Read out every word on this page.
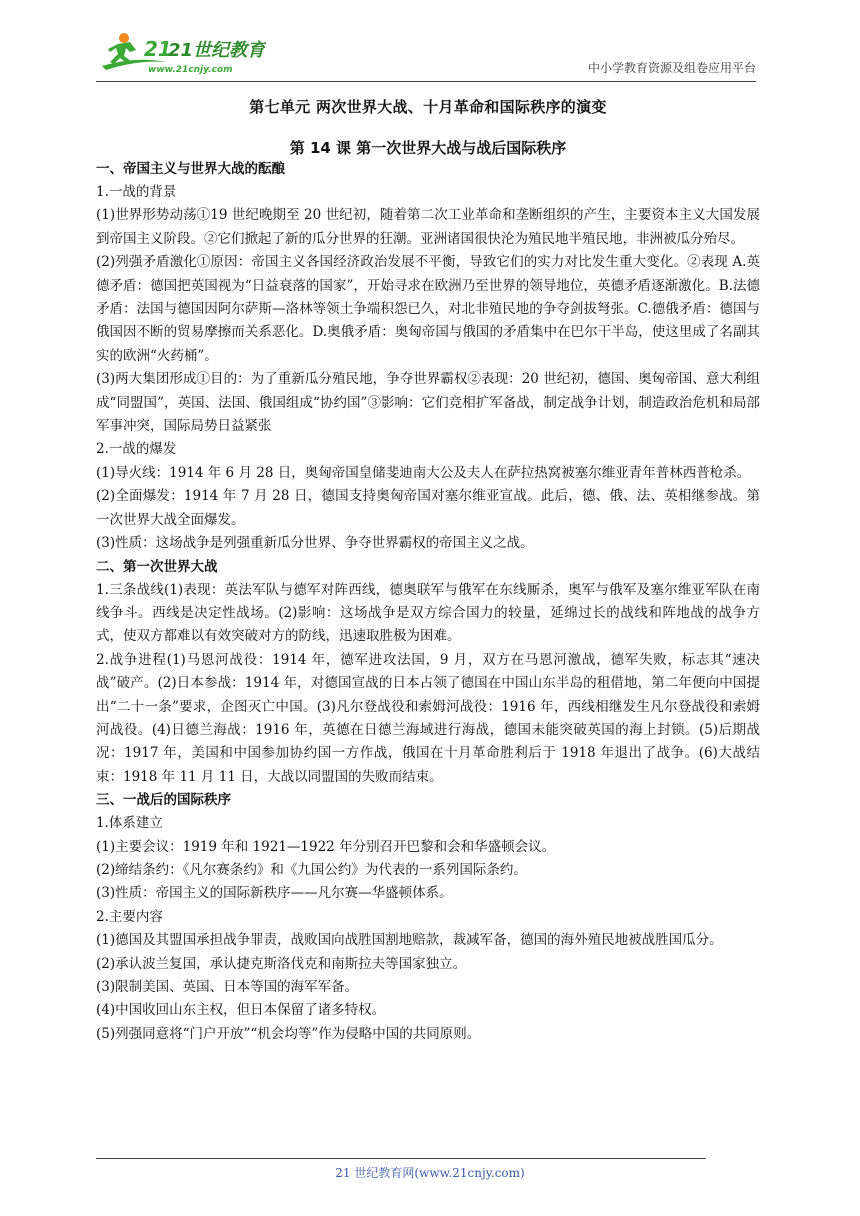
21
21世纪教育
www.21cnjy.com	中小学教育资源及组卷应用平台
第七单元 两次世界大战、十月革命和国际秩序的演变
第 14 课 第一次世界大战与战后国际秩序
一、帝国主义与世界大战的酝酿

1.一战的背景

(1)世界形势动荡①19 世纪晚期至 20 世纪初，随着第二次工业革命和垄断组织的产生，主要资本主义大国发展到帝国主义阶段。②它们掀起了新的瓜分世界的狂潮。亚洲诸国很快沦为殖民地半殖民地，非洲被瓜分殆尽。

(2)列强矛盾激化①原因：帝国主义各国经济政治发展不平衡，导致它们的实力对比发生重大变化。②表现 A.英德矛盾：德国把英国视为“日益衰落的国家”，开始寻求在欧洲乃至世界的领导地位，英德矛盾逐渐激化。B.法德矛盾：法国与德国因阿尔萨斯—洛林等领土争端积怨已久，对北非殖民地的争夺剑拔弩张。C.德俄矛盾：德国与俄国因不断的贸易摩擦而关系恶化。D.奥俄矛盾：奥匈帝国与俄国的矛盾集中在巴尔干半岛，使这里成了名副其实的欧洲“火药桶”。

(3)两大集团形成①目的：为了重新瓜分殖民地，争夺世界霸权②表现：20 世纪初，德国、奥匈帝国、意大利组成“同盟国”，英国、法国、俄国组成“协约国”③影响：它们竞相扩军备战，制定战争计划，制造政治危机和局部军事冲突，国际局势日益紧张

2.一战的爆发

(1)导火线：1914 年 6 月 28 日，奥匈帝国皇储斐迪南大公及夫人在萨拉热窝被塞尔维亚青年普林西普枪杀。

(2)全面爆发：1914 年 7 月 28 日，德国支持奥匈帝国对塞尔维亚宣战。此后，德、俄、法、英相继参战。第一次世界大战全面爆发。

(3)性质：这场战争是列强重新瓜分世界、争夺世界霸权的帝国主义之战。

二、第一次世界大战

1.三条战线(1)表现：英法军队与德军对阵西线，德奥联军与俄军在东线厮杀，奥军与俄军及塞尔维亚军队在南线争斗。西线是决定性战场。(2)影响：这场战争是双方综合国力的较量，延绵过长的战线和阵地战的战争方式，使双方都难以有效突破对方的防线，迅速取胜极为困难。

2.战争进程(1)马恩河战役：1914 年，德军进攻法国，9 月，双方在马恩河激战，德军失败，标志其“速决战”破产。(2)日本参战：1914 年，对德国宣战的日本占领了德国在中国山东半岛的租借地，第二年便向中国提出“二十一条”要求，企图灭亡中国。(3)凡尔登战役和索姆河战役：1916 年，西线相继发生凡尔登战役和索姆河战役。(4)日德兰海战：1916 年，英德在日德兰海域进行海战，德国未能突破英国的海上封锁。(5)后期战况：1917 年，美国和中国参加协约国一方作战，俄国在十月革命胜利后于 1918 年退出了战争。(6)大战结束：1918 年 11 月 11 日，大战以同盟国的失败而结束。

三、一战后的国际秩序

1.体系建立

(1)主要会议：1919 年和 1921—1922 年分别召开巴黎和会和华盛顿会议。

(2)缔结条约：《凡尔赛条约》和《九国公约》为代表的一系列国际条约。

(3)性质：帝国主义的国际新秩序——凡尔赛—华盛顿体系。

2.主要内容

(1)德国及其盟国承担战争罪责，战败国向战胜国割地赔款，裁减军备，德国的海外殖民地被战胜国瓜分。

(2)承认波兰复国，承认捷克斯洛伐克和南斯拉夫等国家独立。

(3)限制美国、英国、日本等国的海军军备。

(4)中国收回山东主权，但日本保留了诸多特权。

(5)列强同意将“门户开放”“机会均等”作为侵略中国的共同原则。

21 世纪教育网(www.21cnjy.com)
